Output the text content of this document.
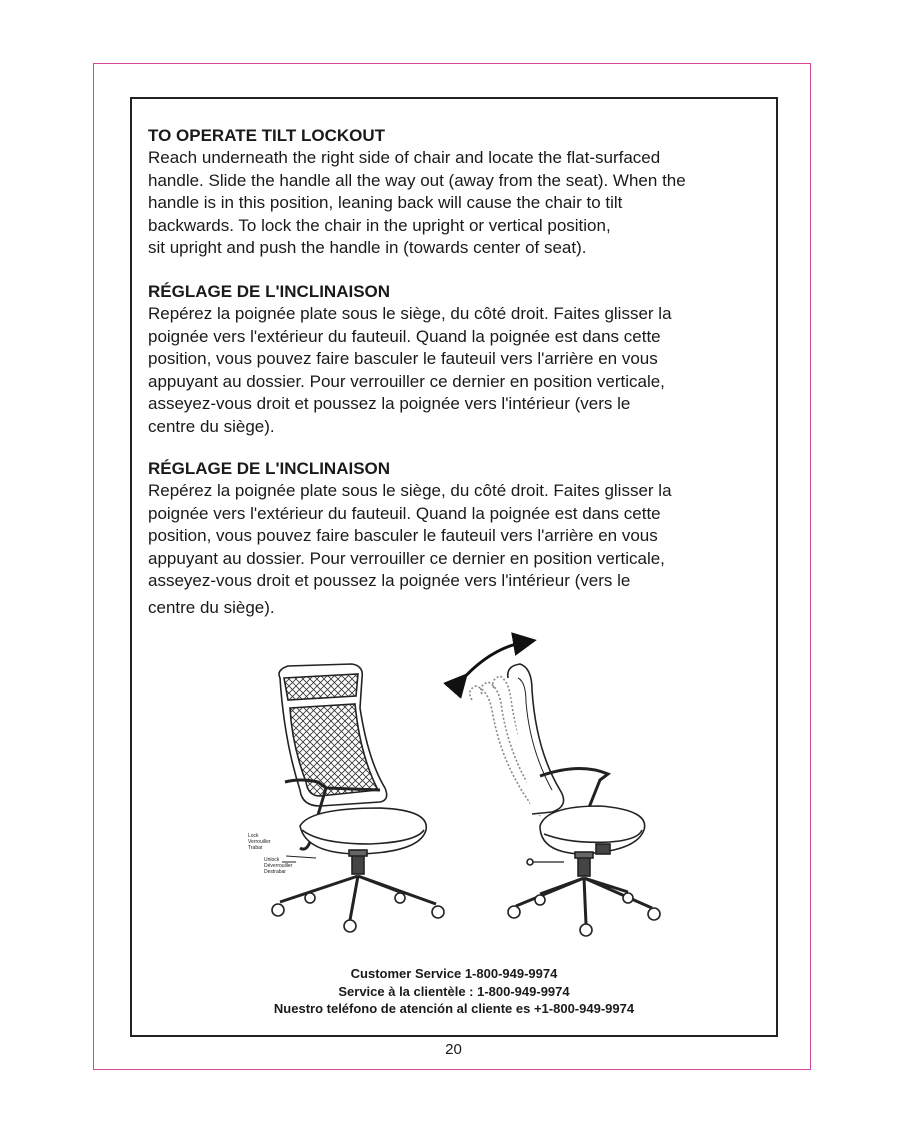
TO OPERATE TILT LOCKOUT

Reach underneath the right side of chair and locate the flat-surfaced
handle. Slide the handle all the way out (away from the seat). When the
handle is in this position, leaning back will cause the chair to tilt
backwards. To lock the chair in the upright or vertical position,
sit upright and push the handle in (towards center of seat).

RÉGLAGE DE L'INCLINAISON

Repérez la poignée plate sous le siège, du côté droit. Faites glisser la
poignée vers l'extérieur du fauteuil. Quand la poignée est dans cette
position, vous pouvez faire basculer le fauteuil vers l'arrière en vous
appuyant au dossier. Pour verrouiller ce dernier en position verticale,
asseyez-vous droit et poussez la poignée vers l'intérieur (vers le
centre du siège).

RÉGLAGE DE L'INCLINAISON

Repérez la poignée plate sous le siège, du côté droit. Faites glisser la
poignée vers l'extérieur du fauteuil. Quand la poignée est dans cette
position, vous pouvez faire basculer le fauteuil vers l'arrière en vous
appuyant au dossier. Pour verrouiller ce dernier en position verticale,
asseyez-vous droit et poussez la poignée vers l'intérieur (vers le
centre du siège).

Lock
Verrouiller
Trabar
Unlock
Déverrouiller
Destrabar
Customer Service 1-800-949-9974
Service à la clientèle : 1-800-949-9974
Nuestro teléfono de atención al cliente es +1-800-949-9974
20
